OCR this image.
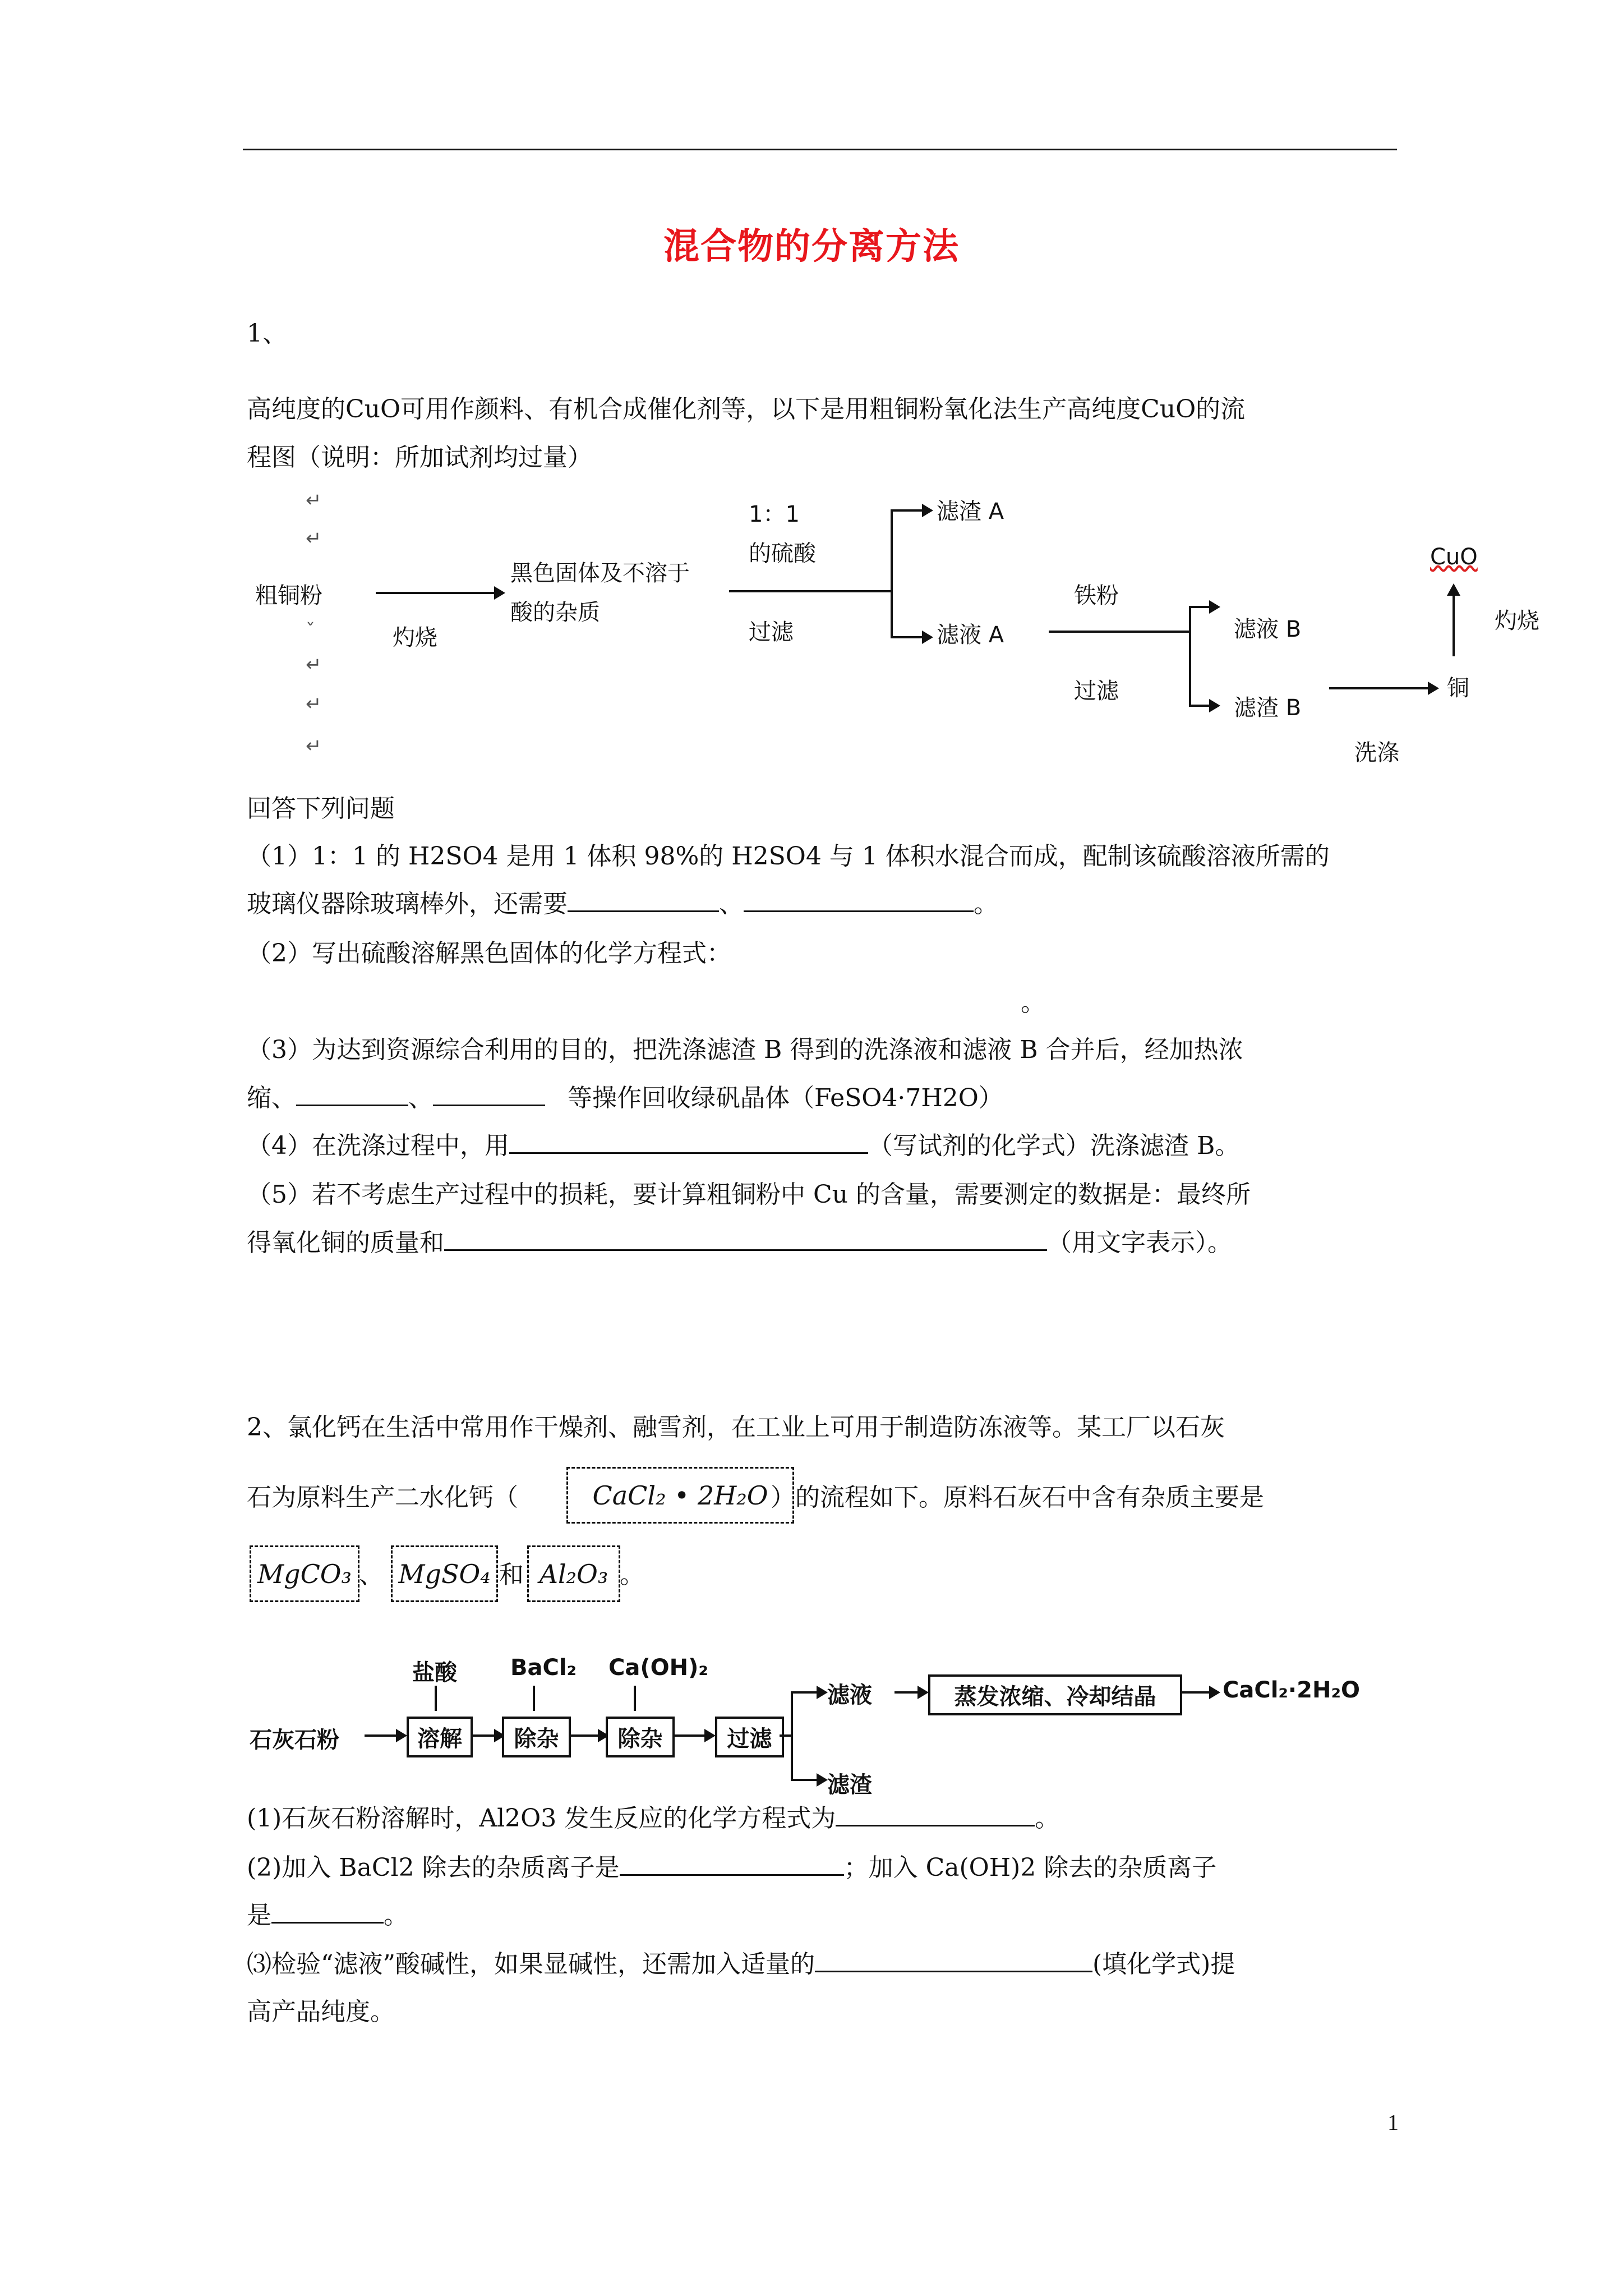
混合物的分离方法
1、
高纯度的CuO可用作颜料、有机合成催化剂等，以下是用粗铜粉氧化法生产高纯度CuO的流
程图（说明：所加试剂均过量）
↵
↵
粗铜粉
灼烧
ˇ
↵
↵
↵
黑色固体及不溶于
酸的杂质
1：1
的硫酸
过滤
滤渣 A
滤液 A
铁粉
过滤
滤液 B
滤渣 B
洗涤
铜
CuO
灼烧
回答下列问题
（1）1：1 的 H2SO4 是用 1 体积 98%的 H2SO4 与 1 体积水混合而成，配制该硫酸溶液所需的
玻璃仪器除玻璃棒外，还需要	、	。
（2）写出硫酸溶解黑色固体的化学方程式：
。
（3）为达到资源综合利用的目的，把洗涤滤渣 B 得到的洗涤液和滤液 B 合并后，经加热浓
缩、	、	等操作回收绿矾晶体（FeSO4·7H2O）
（4）在洗涤过程中，用	（写试剂的化学式）洗涤滤渣 B。
（5）若不考虑生产过程中的损耗，要计算粗铜粉中 Cu 的含量，需要测定的数据是：最终所
得氧化铜的质量和	（用文字表示）。
2、氯化钙在生活中常用作干燥剂、融雪剂，在工业上可用于制造防冻液等。某工厂以石灰
石为原料生产二水化钙（	）的流程如下。原料石灰石中含有杂质主要是
CaCl₂ • 2H₂O
MgCO₃ 、 MgSO₄ 和 Al₂O₃ 。
盐酸 BaCl₂ Ca(OH)₂
石灰石粉	溶解	除杂	除杂	过滤
滤液
滤渣
蒸发浓缩、冷却结晶	CaCl₂·2H₂O
(1)石灰石粉溶解时，Al2O3 发生反应的化学方程式为	。
(2)加入 BaCl2 除去的杂质离子是	；加入 Ca(OH)2 除去的杂质离子
是	。
⑶检验“滤液”酸碱性，如果显碱性，还需加入适量的	(填化学式)提
高产品纯度。
1
